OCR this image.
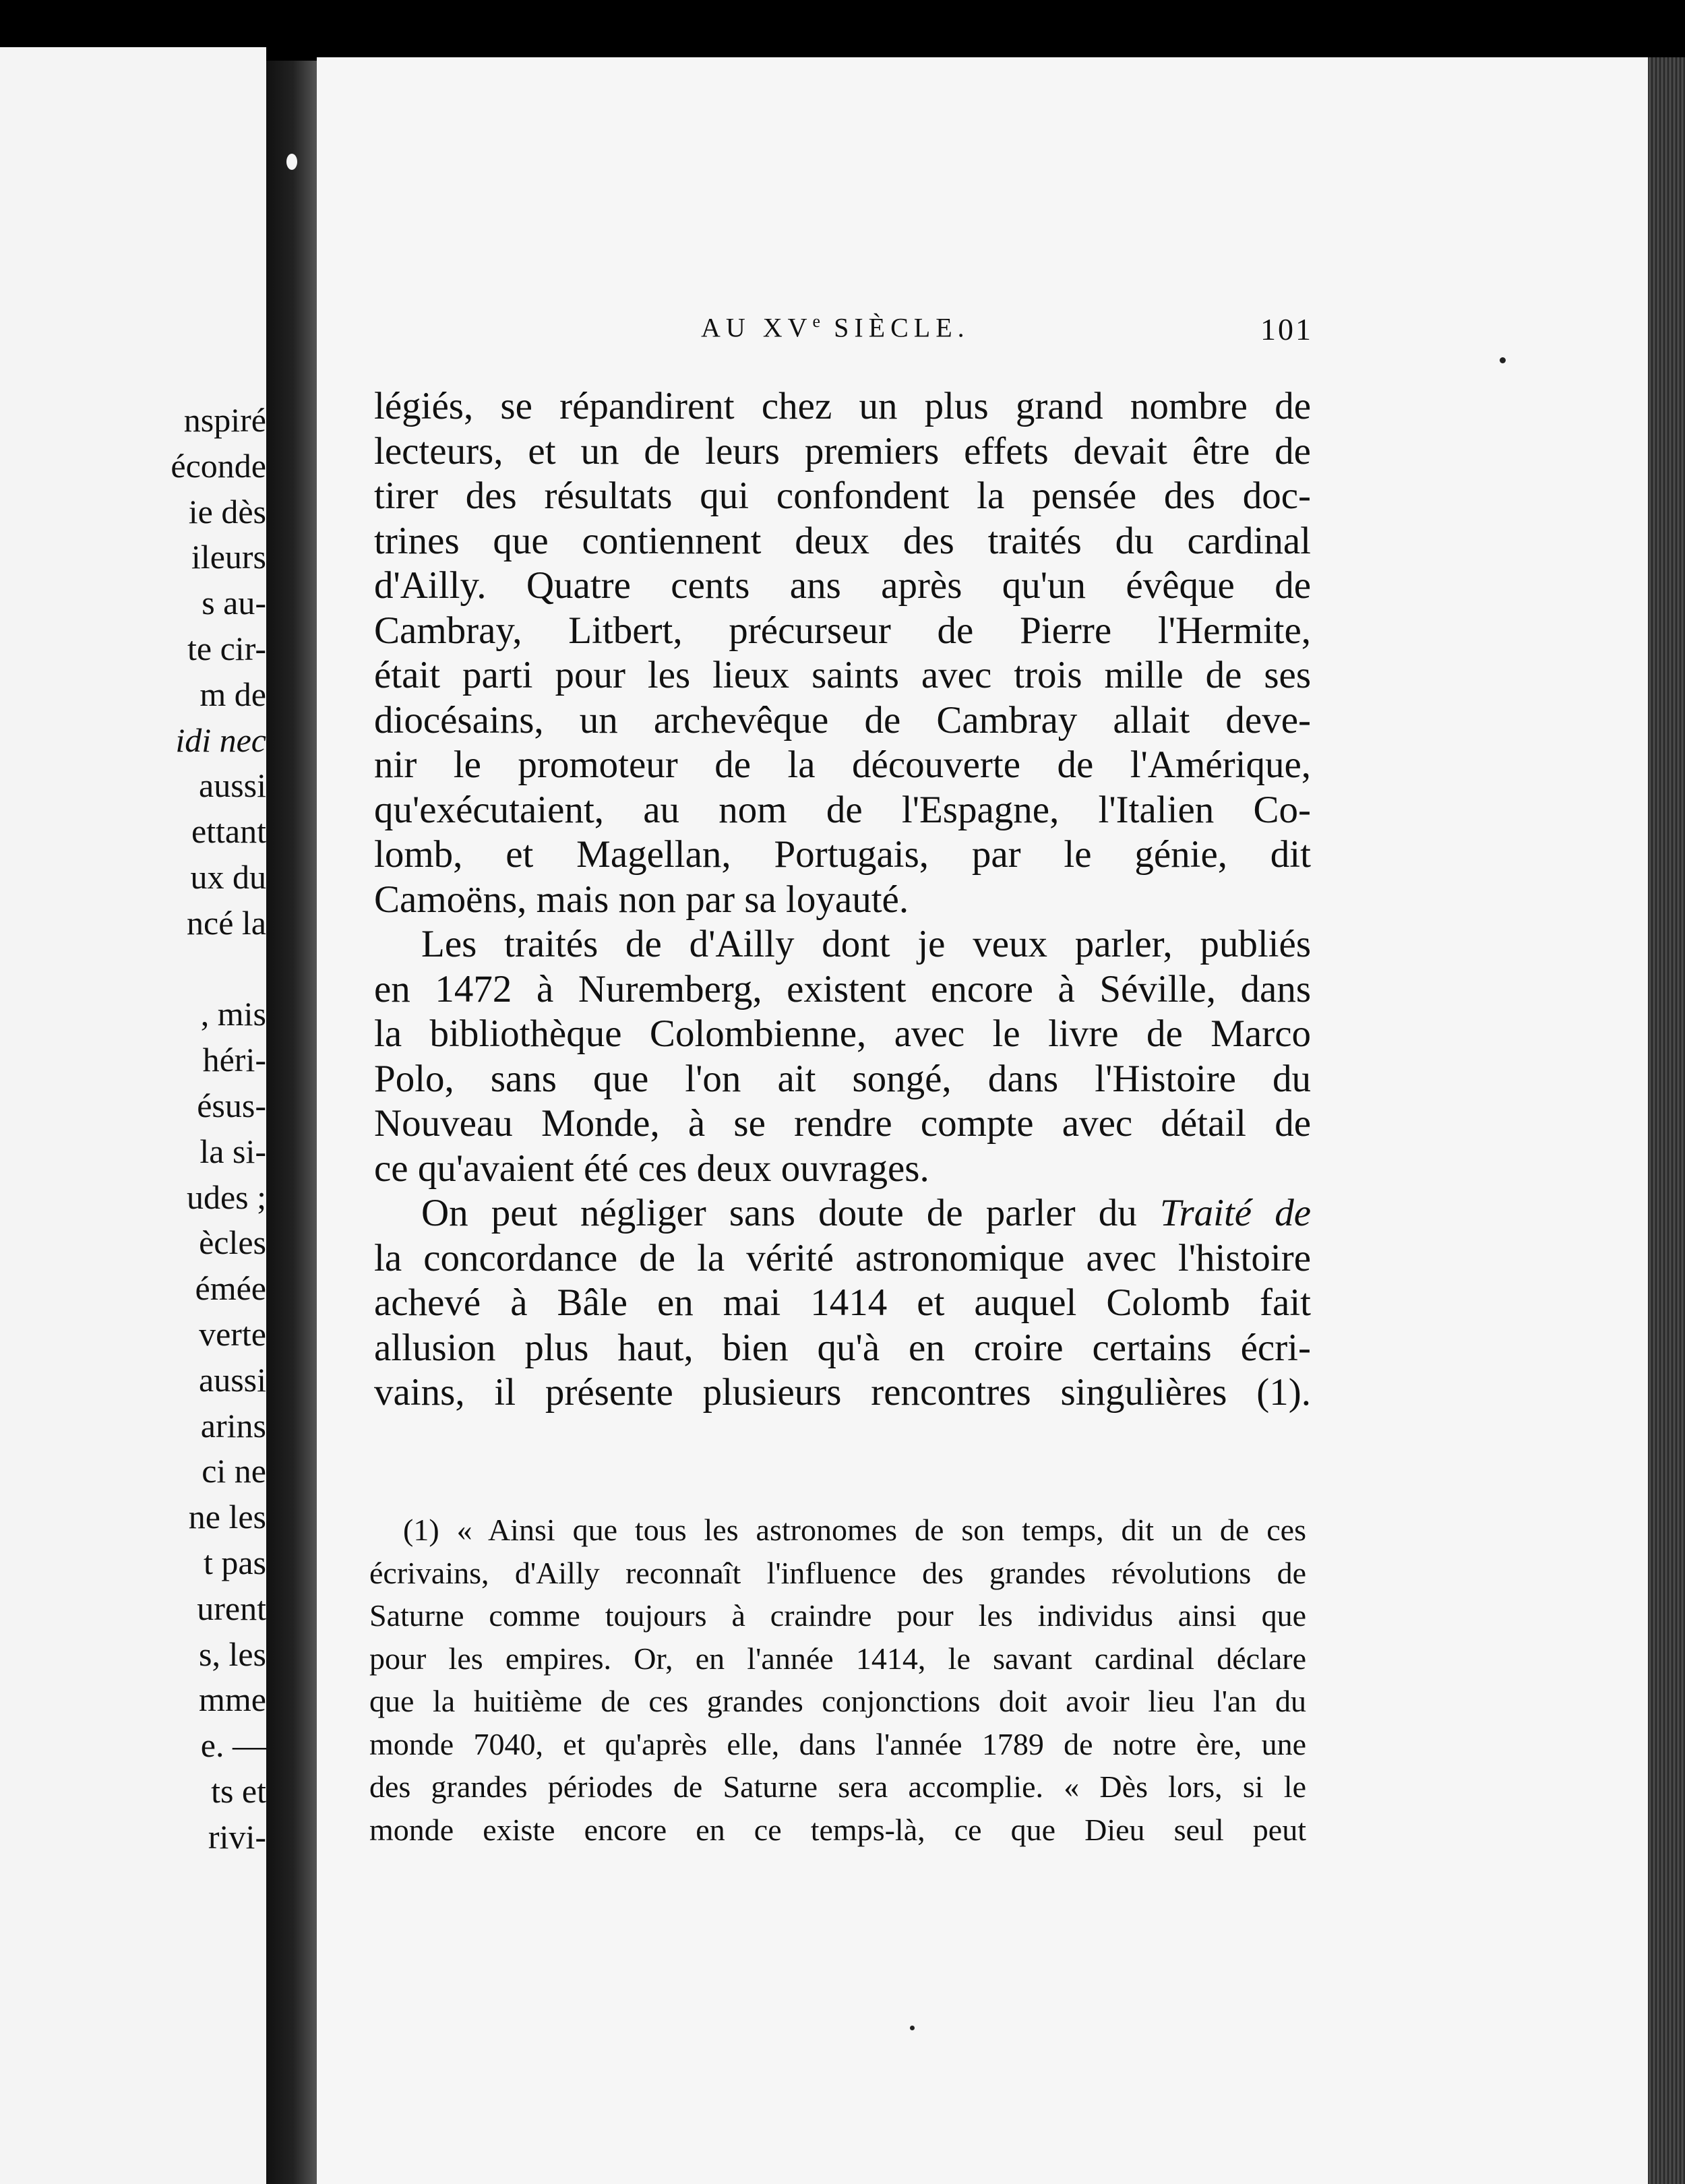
nspiré
éconde
ie dès
ileurs
s au-
te cir-
m de
idi nec
aussi
ettant
ux du
ncé la
, mis
héri-
ésus-
la si-
udes ;
ècles
émée
verte
aussi
arins
ci ne
ne les
t pas
urent
s, les
mme
e. —
ts et
rivi-
AU XVe SIÈCLE.	101
légiés, se répandirent chez un plus grand nombre de
lecteurs, et un de leurs premiers effets devait être de
tirer des résultats qui confondent la pensée des doc-
trines que contiennent deux des traités du cardinal
d'Ailly. Quatre cents ans après qu'un évêque de
Cambray, Litbert, précurseur de Pierre l'Hermite,
était parti pour les lieux saints avec trois mille de ses
diocésains, un archevêque de Cambray allait deve-
nir le promoteur de la découverte de l'Amérique,
qu'exécutaient, au nom de l'Espagne, l'Italien Co-
lomb, et Magellan, Portugais, par le génie, dit
Camoëns, mais non par sa loyauté.
Les traités de d'Ailly dont je veux parler, publiés
en 1472 à Nuremberg, existent encore à Séville, dans
la bibliothèque Colombienne, avec le livre de Marco
Polo, sans que l'on ait songé, dans l'Histoire du
Nouveau Monde, à se rendre compte avec détail de
ce qu'avaient été ces deux ouvrages.
On peut négliger sans doute de parler du Traité de
la concordance de la vérité astronomique avec l'histoire
achevé à Bâle en mai 1414 et auquel Colomb fait
allusion plus haut, bien qu'à en croire certains écri-
vains, il présente plusieurs rencontres singulières (1).
(1) « Ainsi que tous les astronomes de son temps, dit un de ces
écrivains, d'Ailly reconnaît l'influence des grandes révolutions de
Saturne comme toujours à craindre pour les individus ainsi que
pour les empires. Or, en l'année 1414, le savant cardinal déclare
que la huitième de ces grandes conjonctions doit avoir lieu l'an du
monde 7040, et qu'après elle, dans l'année 1789 de notre ère, une
des grandes périodes de Saturne sera accomplie. « Dès lors, si le
monde existe encore en ce temps-là, ce que Dieu seul peut
